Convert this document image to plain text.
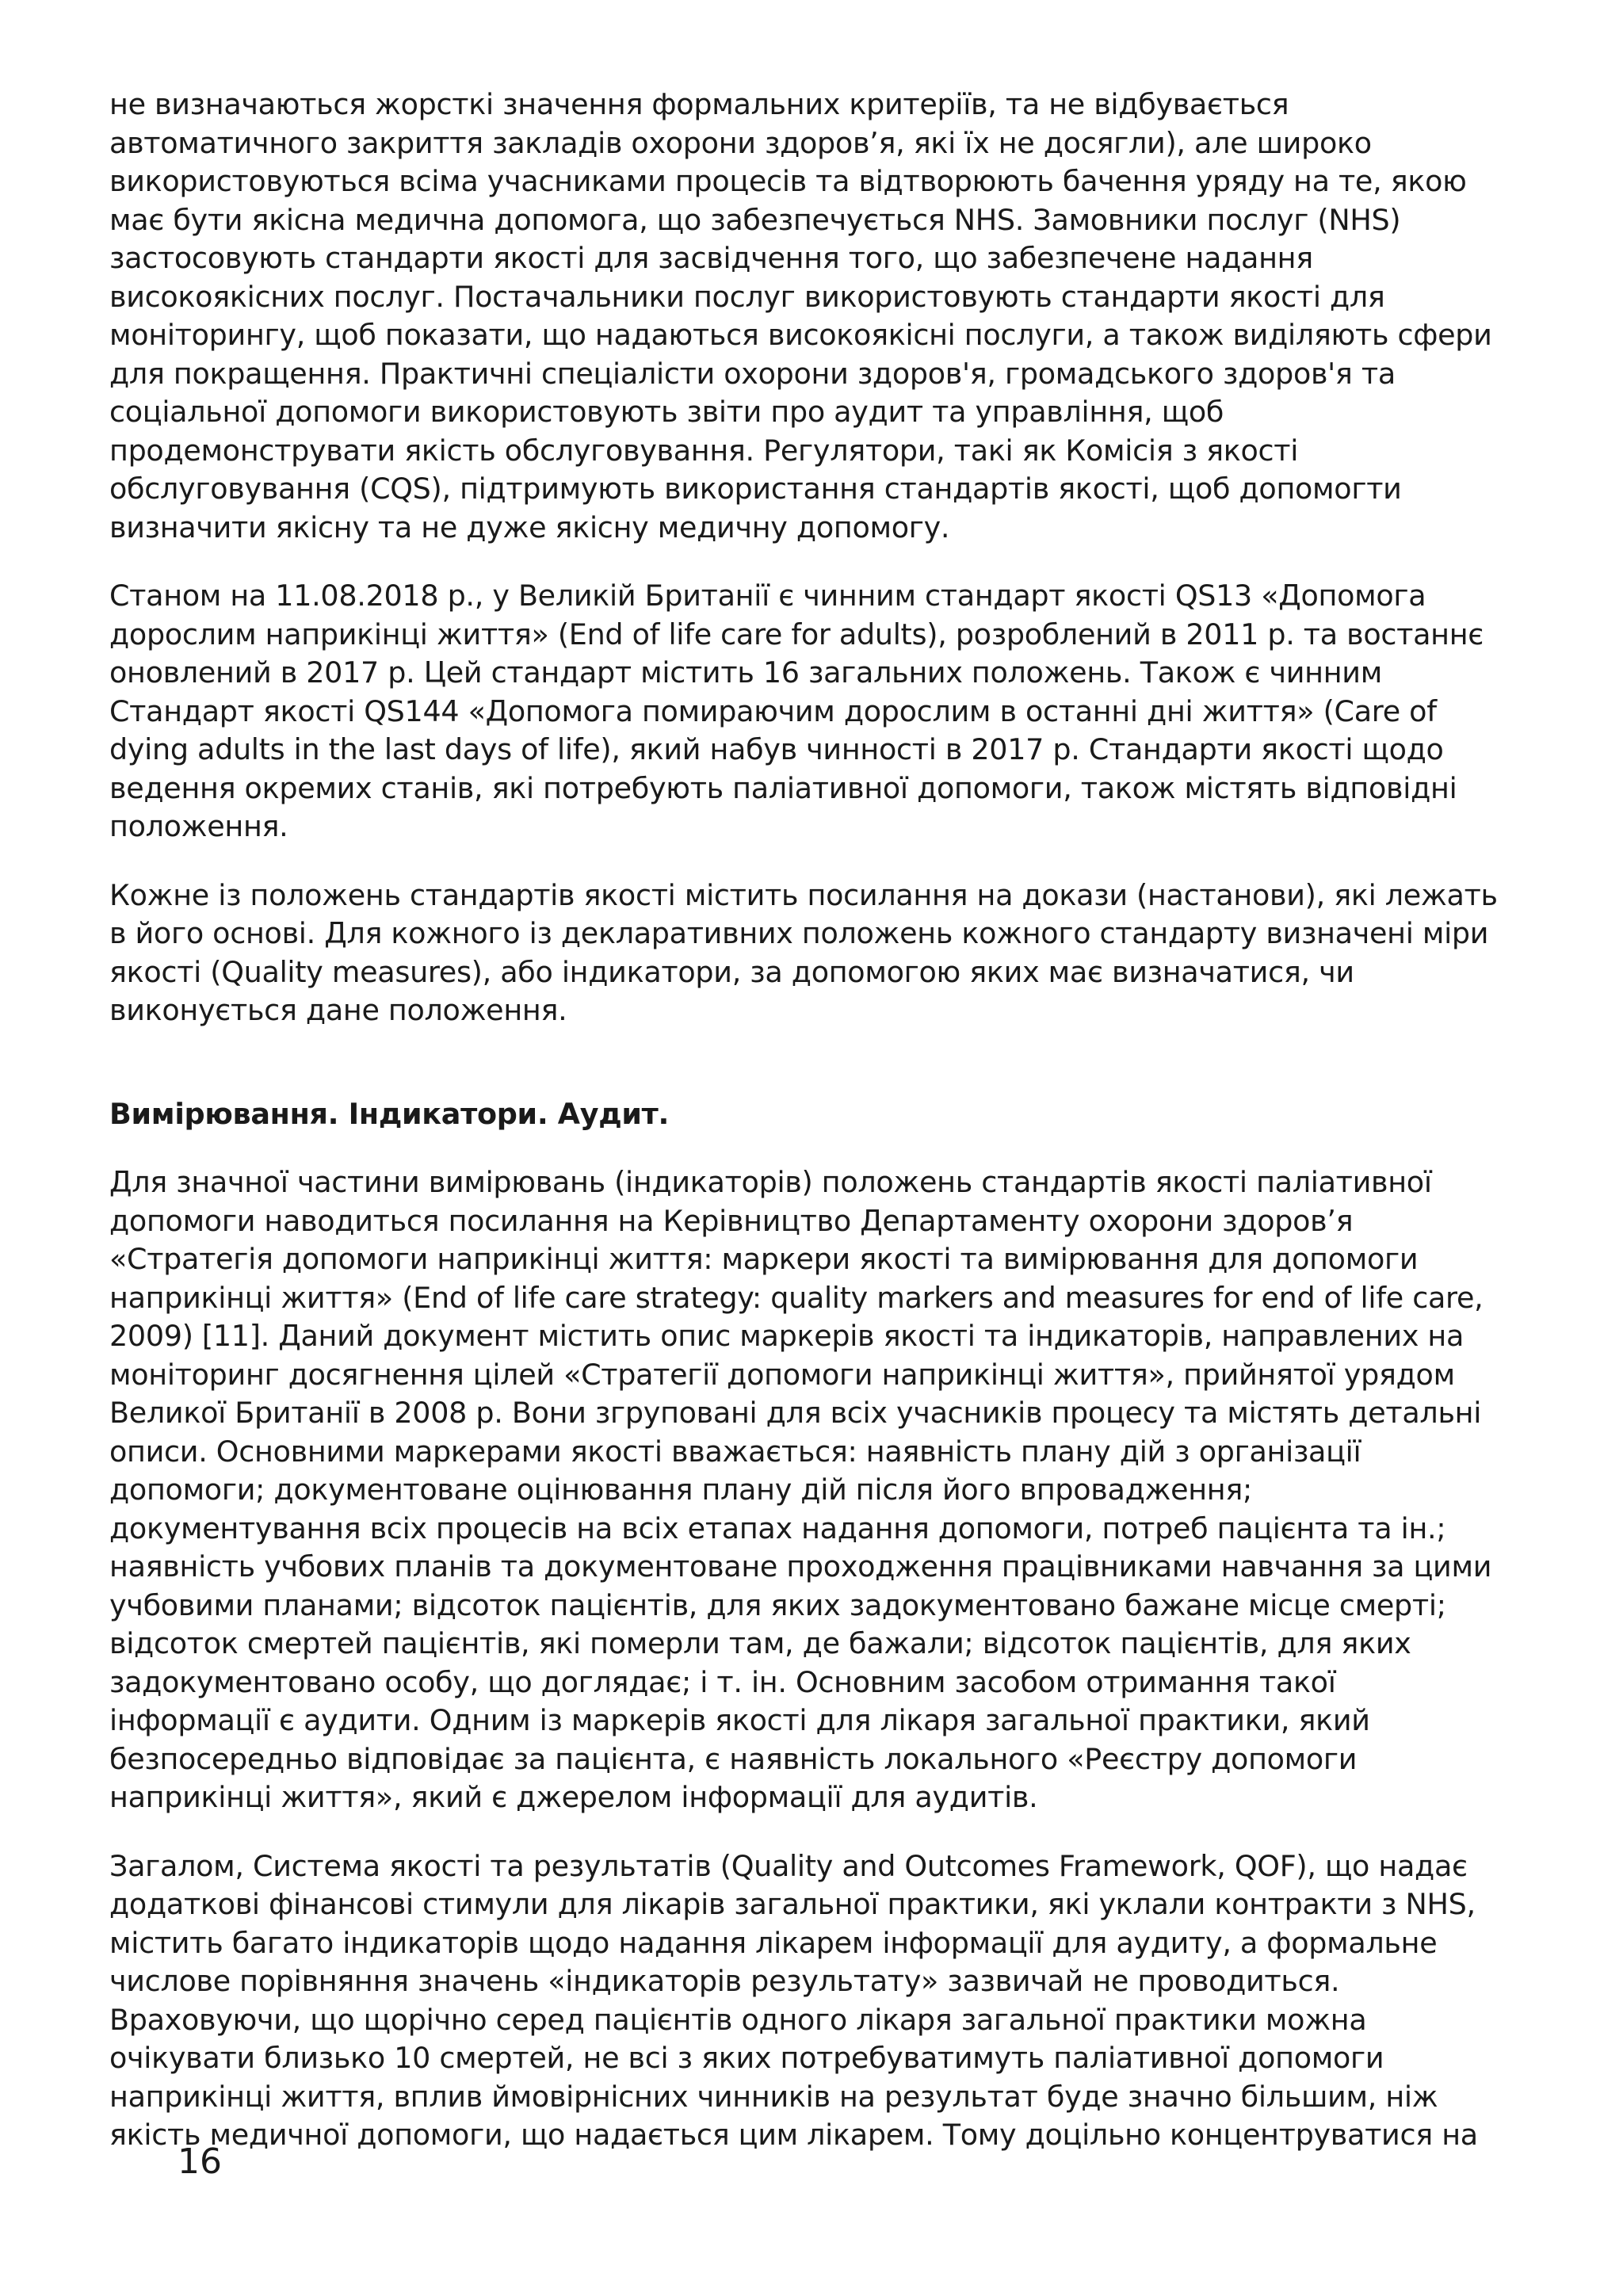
не визначаються жорсткі значення формальних критеріїв, та не відбувається автоматичного закриття закладів охорони здоров’я, які їх не досягли), але широко використовуються всіма учасниками процесів та відтворюють бачення уряду на те, якою має бути якісна медична допомога, що забезпечується NHS. Замовники послуг (NHS) застосовують стандарти якості для засвідчення того, що забезпечене надання високоякісних послуг. Постачальники послуг використовують стандарти якості для моніторингу, щоб показати, що надаються високоякісні послуги, а також виділяють сфери для покращення. Практичні спеціалісти охорони здоров'я, громадського здоров'я та соціальної допомоги використовують звіти про аудит та управління, щоб продемонструвати якість обслуговування. Регулятори, такі як Комісія з якості обслуговування (CQS), підтримують використання стандартів якості, щоб допомогти визначити якісну та не дуже якісну медичну допомогу.

Станом на 11.08.2018 р., у Великій Британії є чинним стандарт якості QS13 «Допомога дорослим наприкінці життя» (End of life care for adults), розроблений в 2011 р. та востаннє оновлений в 2017 р. Цей стандарт містить 16 загальних положень. Також є чинним Стандарт якості QS144 «Допомога помираючим дорослим в останні дні життя» (Care of dying adults in the last days of life), який набув чинності в 2017 р. Стандарти якості щодо ведення окремих станів, які потребують паліативної допомоги, також містять відповідні положення.

Кожне із положень стандартів якості містить посилання на докази (настанови), які лежать в його основі. Для кожного із декларативних положень кожного стандарту визначені міри якості (Quality measures), або індикатори, за допомогою яких має визначатися, чи виконується дане положення.

Вимірювання. Індикатори. Аудит.

Для значної частини вимірювань (індикаторів) положень стандартів якості паліативної допомоги наводиться посилання на Керівництво Департаменту охорони здоров’я «Стратегія допомоги наприкінці життя: маркери якості та вимірювання для допомоги наприкінці життя» (End of life care strategy: quality markers and measures for end of life care, 2009) [11]. Даний документ містить опис маркерів якості та індикаторів, направлених на моніторинг досягнення цілей «Стратегії допомоги наприкінці життя», прийнятої урядом Великої Британії в 2008 р. Вони згруповані для всіх учасників процесу та містять детальні описи. Основними маркерами якості вважається: наявність плану дій з організації допомоги; документоване оцінювання плану дій після його впровадження; документування всіх процесів на всіх етапах надання допомоги, потреб пацієнта та ін.; наявність учбових планів та документоване проходження працівниками навчання за цими учбовими планами; відсоток пацієнтів, для яких задокументовано бажане місце смерті; відсоток смертей пацієнтів, які померли там, де бажали; відсоток пацієнтів, для яких задокументовано особу, що доглядає; і т. ін. Основним засобом отримання такої інформації є аудити. Одним із маркерів якості для лікаря загальної практики, який безпосередньо відповідає за пацієнта, є наявність локального «Реєстру допомоги наприкінці життя», який є джерелом інформації для аудитів.

Загалом, Система якості та результатів (Quality and Outcomes Framework, QOF), що надає додаткові фінансові стимули для лікарів загальної практики, які уклали контракти з NHS, містить багато індикаторів щодо надання лікарем інформації для аудиту, а формальне числове порівняння значень «індикаторів результату» зазвичай не проводиться. Враховуючи, що щорічно серед пацієнтів одного лікаря загальної практики можна очікувати близько 10 смертей, не всі з яких потребуватимуть паліативної допомоги наприкінці життя, вплив ймовірнісних чинників на результат буде значно більшим, ніж якість медичної допомоги, що надається цим лікарем. Тому доцільно концентруватися на

16
